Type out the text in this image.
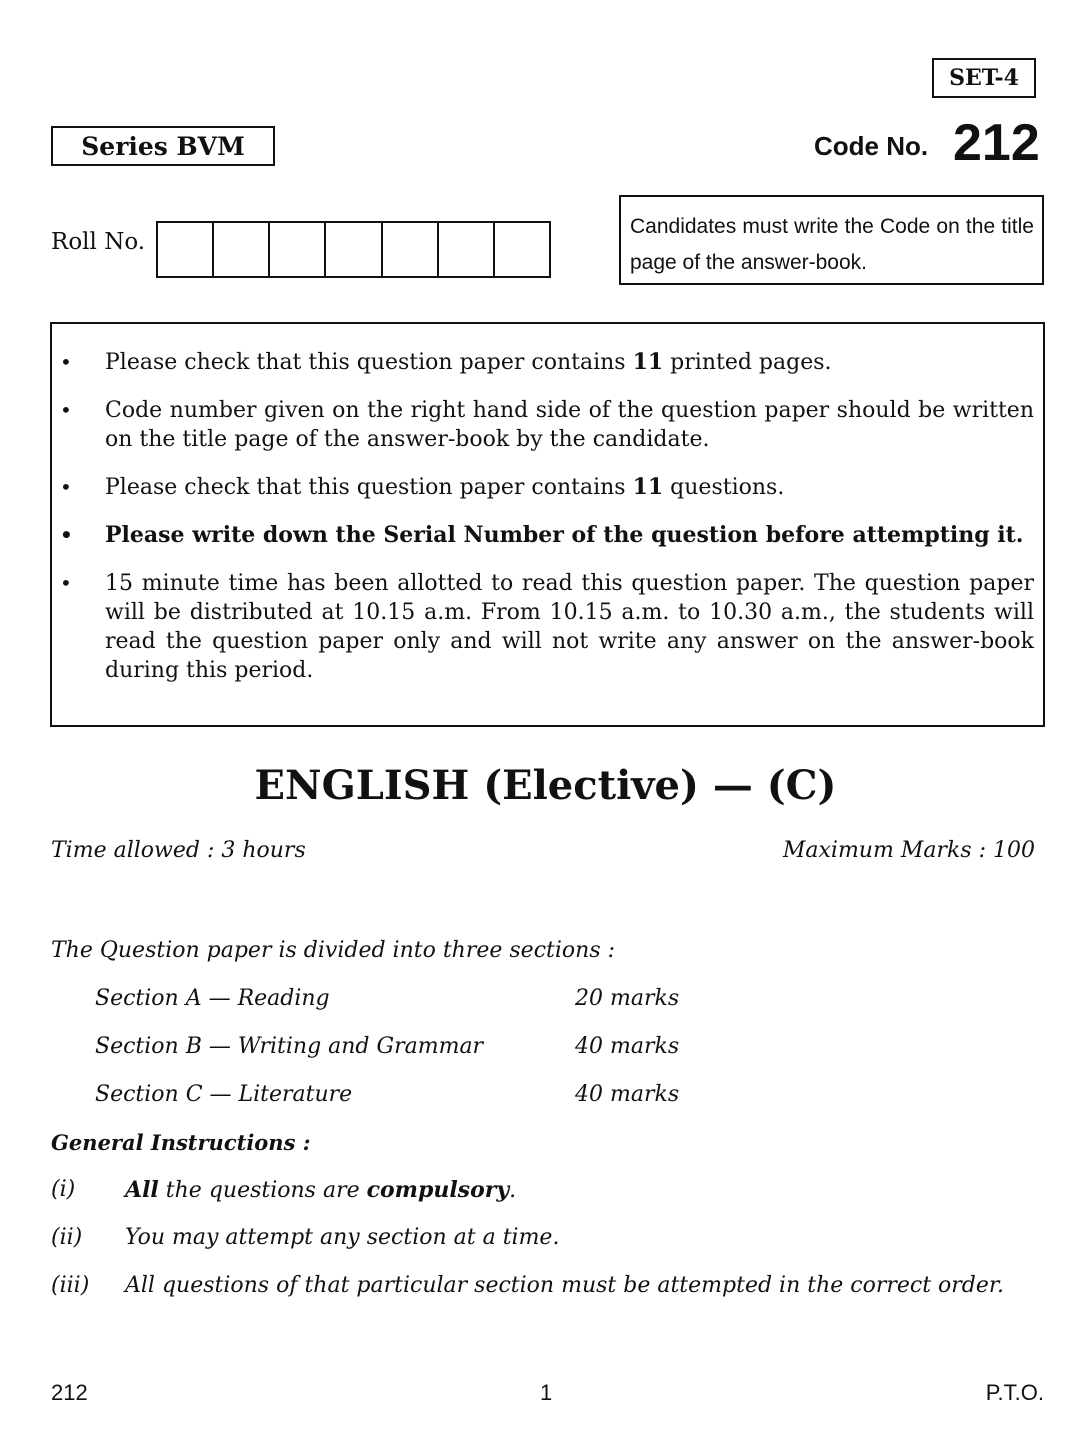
SET-4
Series BVM	Code No. 212
Roll No.
Candidates must write the Code on the title page of the answer-book.
• Please check that this question paper contains 11 printed pages.
• Code number given on the right hand side of the question paper should be written on the title page of the answer-book by the candidate.
• Please check that this question paper contains 11 questions.
• Please write down the Serial Number of the question before attempting it.
• 15 minute time has been allotted to read this question paper. The question paper will be distributed at 10.15 a.m. From 10.15 a.m. to 10.30 a.m., the students will read the question paper only and will not write any answer on the answer-book during this period.
ENGLISH (Elective) — (C)
Time allowed : 3 hours	Maximum Marks : 100
The Question paper is divided into three sections :
Section A — Reading	20 marks
Section B — Writing and Grammar	40 marks
Section C — Literature	40 marks
General Instructions :
(i) All the questions are compulsory.
(ii) You may attempt any section at a time.
(iii) All questions of that particular section must be attempted in the correct order.
212	1	P.T.O.
